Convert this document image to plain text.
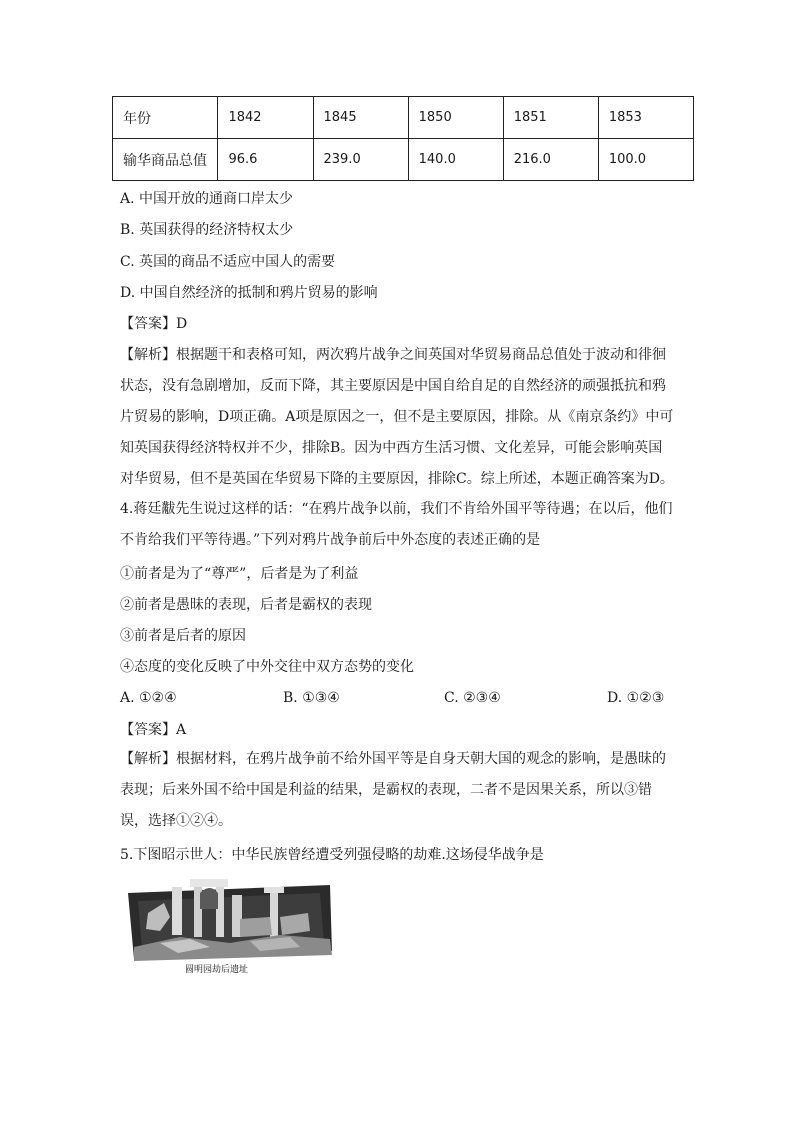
年份	1842	1845	1850	1851	1853
输华商品总值	96.6	239.0	140.0	216.0	100.0
A. 中国开放的通商口岸太少
B. 英国获得的经济特权太少
C. 英国的商品不适应中国人的需要
D. 中国自然经济的抵制和鸦片贸易的影响
【答案】D
【解析】根据题干和表格可知，两次鸦片战争之间英国对华贸易商品总值处于波动和徘徊状态，没有急剧增加，反而下降，其主要原因是中国自给自足的自然经济的顽强抵抗和鸦片贸易的影响，D项正确。A项是原因之一，但不是主要原因，排除。从《南京条约》中可知英国获得经济特权并不少，排除B。因为中西方生活习惯、文化差异，可能会影响英国对华贸易，但不是英国在华贸易下降的主要原因，排除C。综上所述，本题正确答案为D。
4.蒋廷黻先生说过这样的话：“在鸦片战争以前，我们不肯给外国平等待遇；在以后，他们不肯给我们平等待遇。”下列对鸦片战争前后中外态度的表述正确的是
①前者是为了“尊严”，后者是为了利益
②前者是愚昧的表现，后者是霸权的表现
③前者是后者的原因
④态度的变化反映了中外交往中双方态势的变化
A. ①②④	B. ①③④	C. ②③④	D. ①②③
【答案】A
【解析】根据材料，在鸦片战争前不给外国平等是自身天朝大国的观念的影响，是愚昧的表现；后来外国不给中国是利益的结果，是霸权的表现，二者不是因果关系，所以③错误，选择①②④。
5.下图昭示世人：中华民族曾经遭受列强侵略的劫难.这场侵华战争是
圆明园劫后遗址
